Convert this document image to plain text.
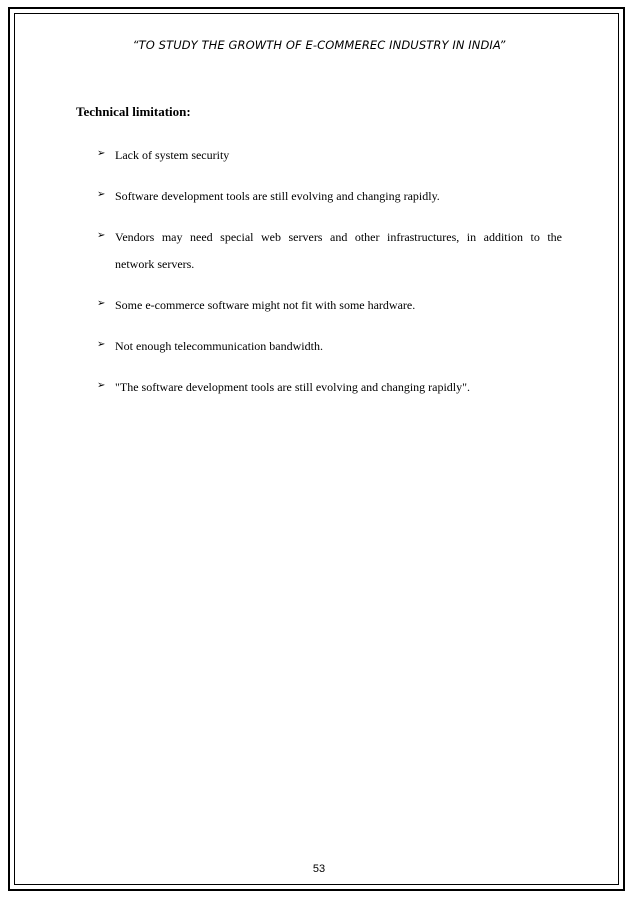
“TO STUDY THE GROWTH OF E-COMMEREC INDUSTRY IN INDIA”
Technical limitation:
➢ Lack of system security
➢ Software development tools are still evolving and changing rapidly.
➢ Vendors may need special web servers and other infrastructures, in addition to the
network servers.
➢ Some e-commerce software might not fit with some hardware.
➢ Not enough telecommunication bandwidth.
➢ "The software development tools are still evolving and changing rapidly".
53
